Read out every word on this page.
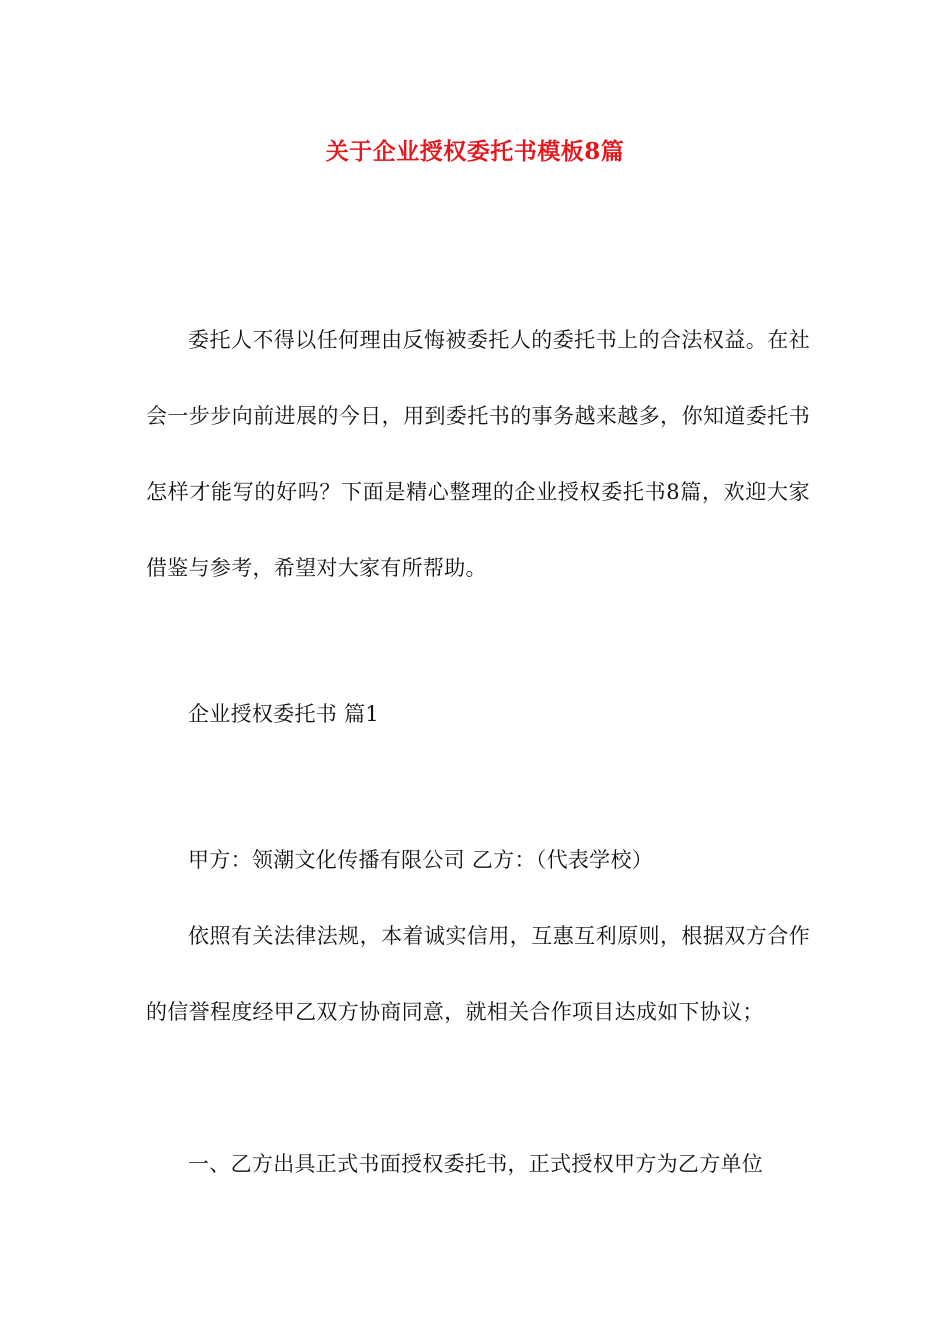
关于企业授权委托书模板8篇

委托人不得以任何理由反悔被委托人的委托书上的合法权益。在社会一步步向前进展的今日，用到委托书的事务越来越多，你知道委托书怎样才能写的好吗？下面是精心整理的企业授权委托书8篇，欢迎大家借鉴与参考，希望对大家有所帮助。

企业授权委托书 篇1

甲方：领潮文化传播有限公司 乙方：（代表学校）

依照有关法律法规，本着诚实信用，互惠互利原则，根据双方合作的信誉程度经甲乙双方协商同意，就相关合作项目达成如下协议；

一、乙方出具正式书面授权委托书，正式授权甲方为乙方单位
